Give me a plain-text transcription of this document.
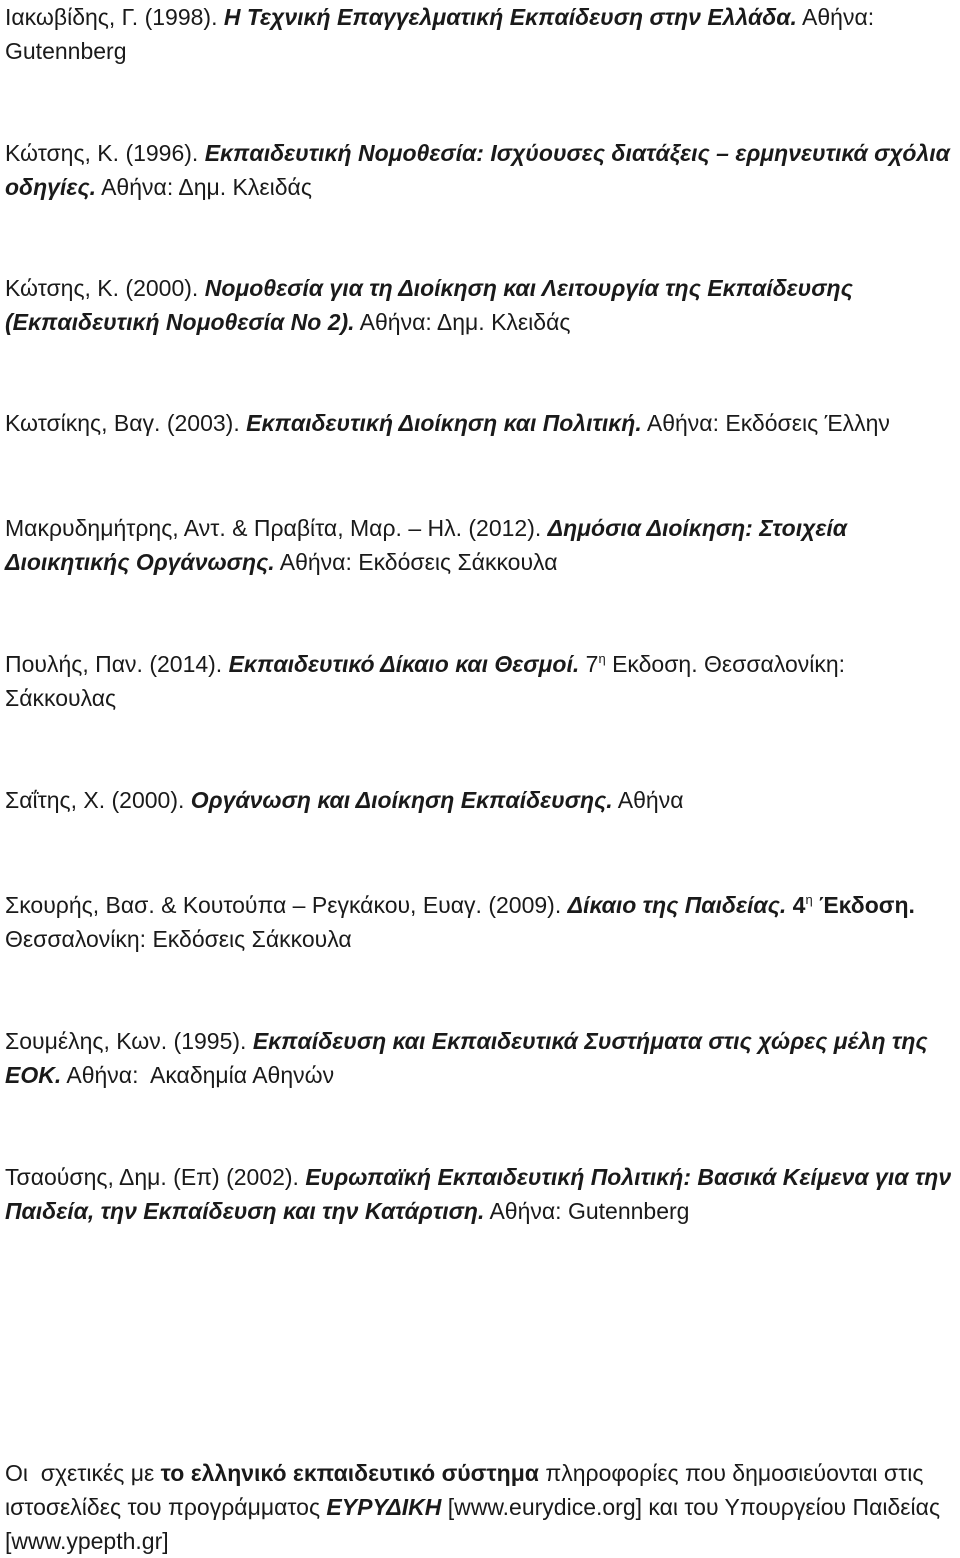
Ιακωβίδης, Γ. (1998). Η Τεχνική Επαγγελματική Εκπαίδευση στην Ελλάδα. Αθήνα: Gutennberg

Κώτσης, Κ. (1996). Εκπαιδευτική Νομοθεσία: Ισχύουσες διατάξεις – ερμηνευτικά σχόλια οδηγίες. Αθήνα: Δημ. Κλειδάς

Κώτσης, Κ. (2000). Νομοθεσία για τη Διοίκηση και Λειτουργία της Εκπαίδευσης (Εκπαιδευτική Νομοθεσία Νο 2). Αθήνα: Δημ. Κλειδάς

Κωτσίκης, Βαγ. (2003). Εκπαιδευτική Διοίκηση και Πολιτική. Αθήνα: Εκδόσεις Έλλην

Μακρυδημήτρης, Αντ. & Πραβίτα, Μαρ. – Ηλ. (2012). Δημόσια Διοίκηση: Στοιχεία Διοικητικής Οργάνωσης. Αθήνα: Εκδόσεις Σάκκουλα

Πουλής, Παν. (2014). Εκπαιδευτικό Δίκαιο και Θεσμοί. $7^\eta$ Εκδοση. Θεσσαλονίκη: Σάκκουλας

Σαΐτης, Χ. (2000). Οργάνωση και Διοίκηση Εκπαίδευσης. Αθήνα

Σκουρής, Βασ. & Κουτούπα – Ρεγκάκου, Ευαγ. (2009). Δίκαιο της Παιδείας. $4^\eta$ Έκδοση. Θεσσαλονίκη: Εκδόσεις Σάκκουλα

Σουμέλης, Κων. (1995). Εκπαίδευση και Εκπαιδευτικά Συστήματα στις χώρες μέλη της ΕΟΚ. Αθήνα:  Ακαδημία Αθηνών

Τσαούσης, Δημ. (Επ) (2002). Ευρωπαϊκή Εκπαιδευτική Πολιτική: Βασικά Κείμενα για την Παιδεία, την Εκπαίδευση και την Κατάρτιση. Αθήνα: Gutennberg

Οι  σχετικές με το ελληνικό εκπαιδευτικό σύστημα πληροφορίες που δημοσιεύονται στις ιστοσελίδες του προγράμματος ΕΥΡΥΔΙΚΗ [www.eurydice.org] και του Υπουργείου Παιδείας [www.ypepth.gr]
